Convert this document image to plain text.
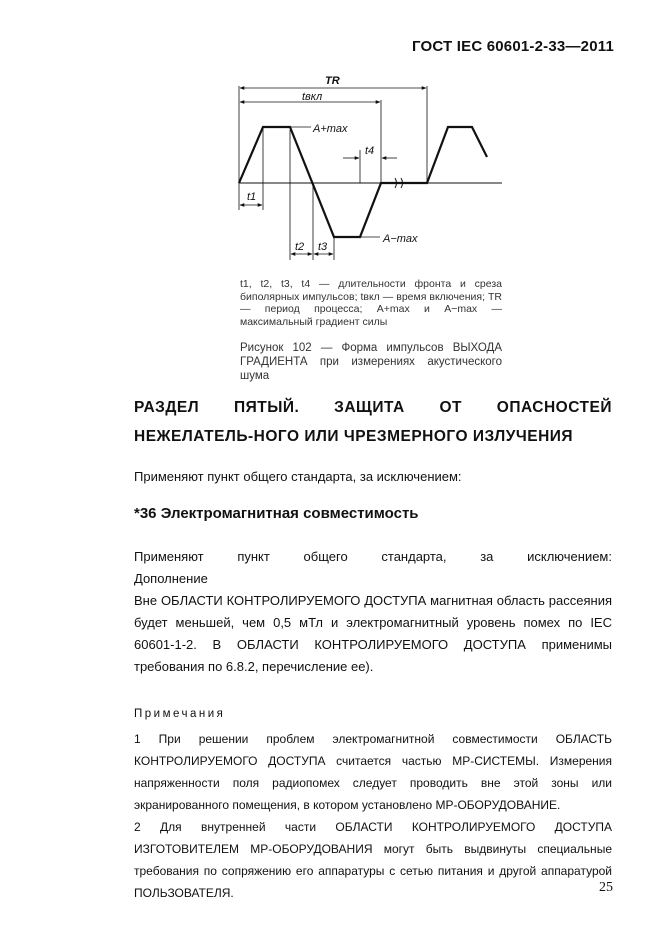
ГОСТ IEC 60601-2-33—2011
TR
tвкл
A+max
A−max
t1
t2 t3
t4
t1, t2, t3, t4 — длительности фронта и среза биполярных импульсов; tвкл — время включения; TR — период процесса; A+max и A−max — максимальный градиент силы
Рисунок 102 — Форма импульсов ВЫХОДА ГРАДИЕНТА при измерениях акустического шума
РАЗДЕЛ ПЯТЫЙ. ЗАЩИТА ОТ ОПАСНОСТЕЙ НЕЖЕЛАТЕЛЬ-НОГО ИЛИ ЧРЕЗМЕРНОГО ИЗЛУЧЕНИЯ
Применяют пункт общего стандарта, за исключением:
*36 Электромагнитная совместимость
Применяют пункт общего стандарта, за исключением:
Дополнение
Вне ОБЛАСТИ КОНТРОЛИРУЕМОГО ДОСТУПА магнитная область рассеяния будет меньшей, чем 0,5 мТл и электромагнитный уровень помех по IEC 60601-1-2. В ОБЛАСТИ КОНТРОЛИРУЕМОГО ДОСТУПА применимы требования по 6.8.2, перечисление ее).
Примечания
1 При решении проблем электромагнитной совместимости ОБЛАСТЬ КОНТРОЛИРУЕМОГО ДОСТУПА считается частью МР-СИСТЕМЫ. Измерения напряженности поля радиопомех следует проводить вне этой зоны или экранированного помещения, в котором установлено МР-ОБОРУДОВАНИЕ.
2 Для внутренней части ОБЛАСТИ КОНТРОЛИРУЕМОГО ДОСТУПА ИЗГОТОВИТЕЛЕМ МР-ОБОРУДОВАНИЯ могут быть выдвинуты специальные требования по сопряжению его аппаратуры с сетью питания и другой аппаратурой ПОЛЬЗОВАТЕЛЯ.	25
